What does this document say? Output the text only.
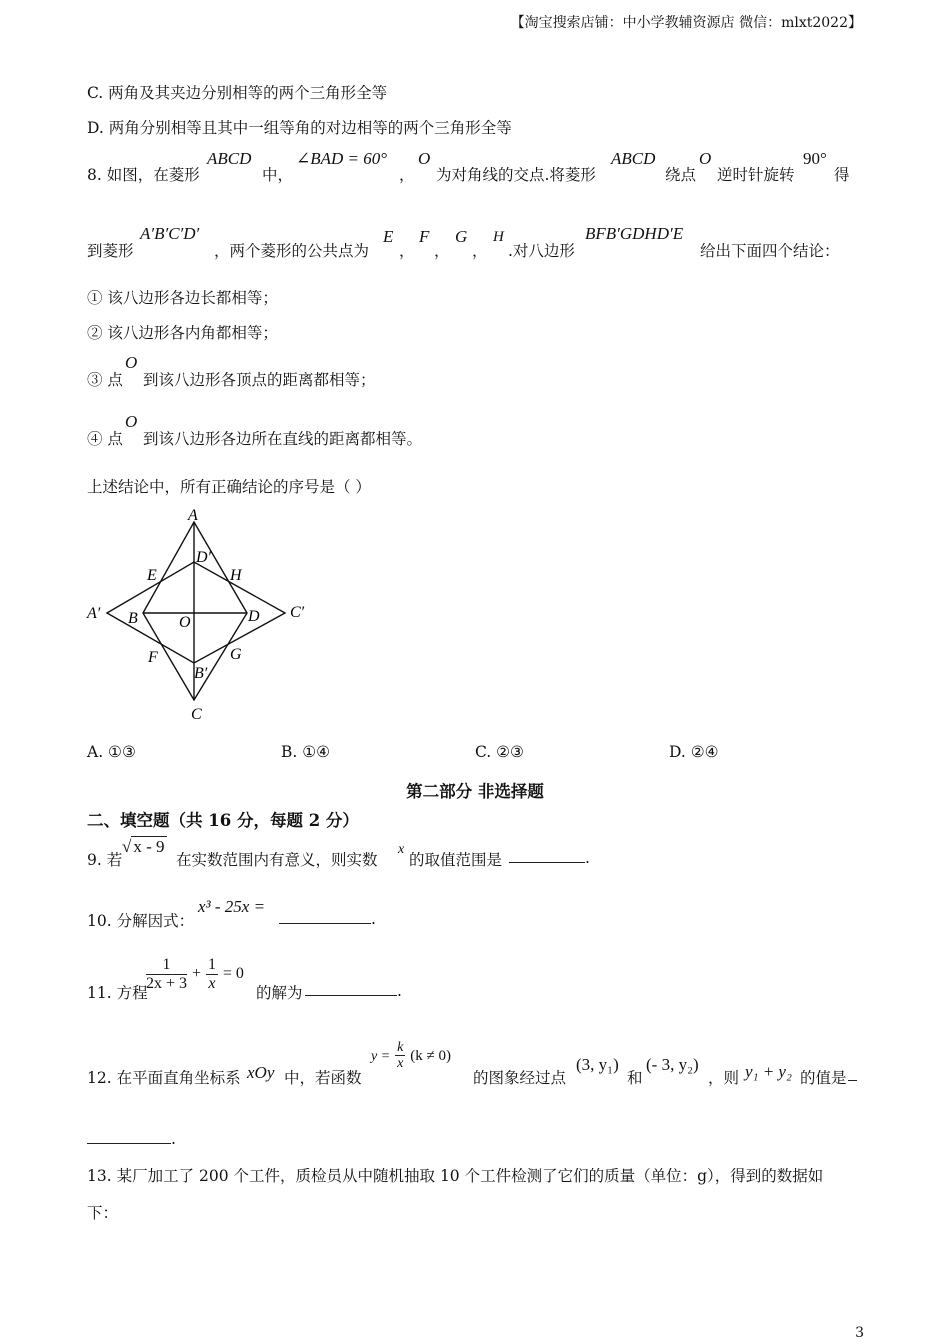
【淘宝搜索店铺：中小学教辅资源店 微信：mlxt2022】
C. 两角及其夹边分别相等的两个三角形全等
D. 两角分别相等且其中一组等角的对边相等的两个三角形全等
8. 如图，在菱形
ABCD
中，
∠BAD = 60°
，
O
为对角线的交点.将菱形
ABCD
绕点
O
逆时针旋转
90°
得
到菱形
A′B′C′D′
，两个菱形的公共点为
E
，
F
，
G
，
H
.对八边形
BFB′GDHD′E
给出下面四个结论：
① 该八边形各边长都相等；
② 该八边形各内角都相等；
③ 点
O
到该八边形各顶点的距离都相等；
④ 点
O
到该八边形各边所在直线的距离都相等。
上述结论中，所有正确结论的序号是（ ）
A
D′
E	H
A′ B	O	D C′
F	G
B′
C
A. ①③	B. ①④	C. ②③	D. ②④
第二部分 非选择题
二、填空题（共 16 分，每题 2 分）
9. 若
√ x - 9
在实数范围内有意义，则实数
x
的取值范围是	.
10. 分解因式：
x³ - 25x =
.
11. 方程
$\frac{1}{2x + 3} + \frac{1}{x} = 0$
的解为	.
12. 在平面直角坐标系 xOy 中，若函数
$y = \frac{k}{x} (k \ne 0)$
的图象经过点
(3, y₁)
和
(- 3, y₂)
，则 y₁ + y₂ 的值是
.
13. 某厂加工了 200 个工件，质检员从中随机抽取 10 个工件检测了它们的质量（单位：g），得到的数据如
下：
3
